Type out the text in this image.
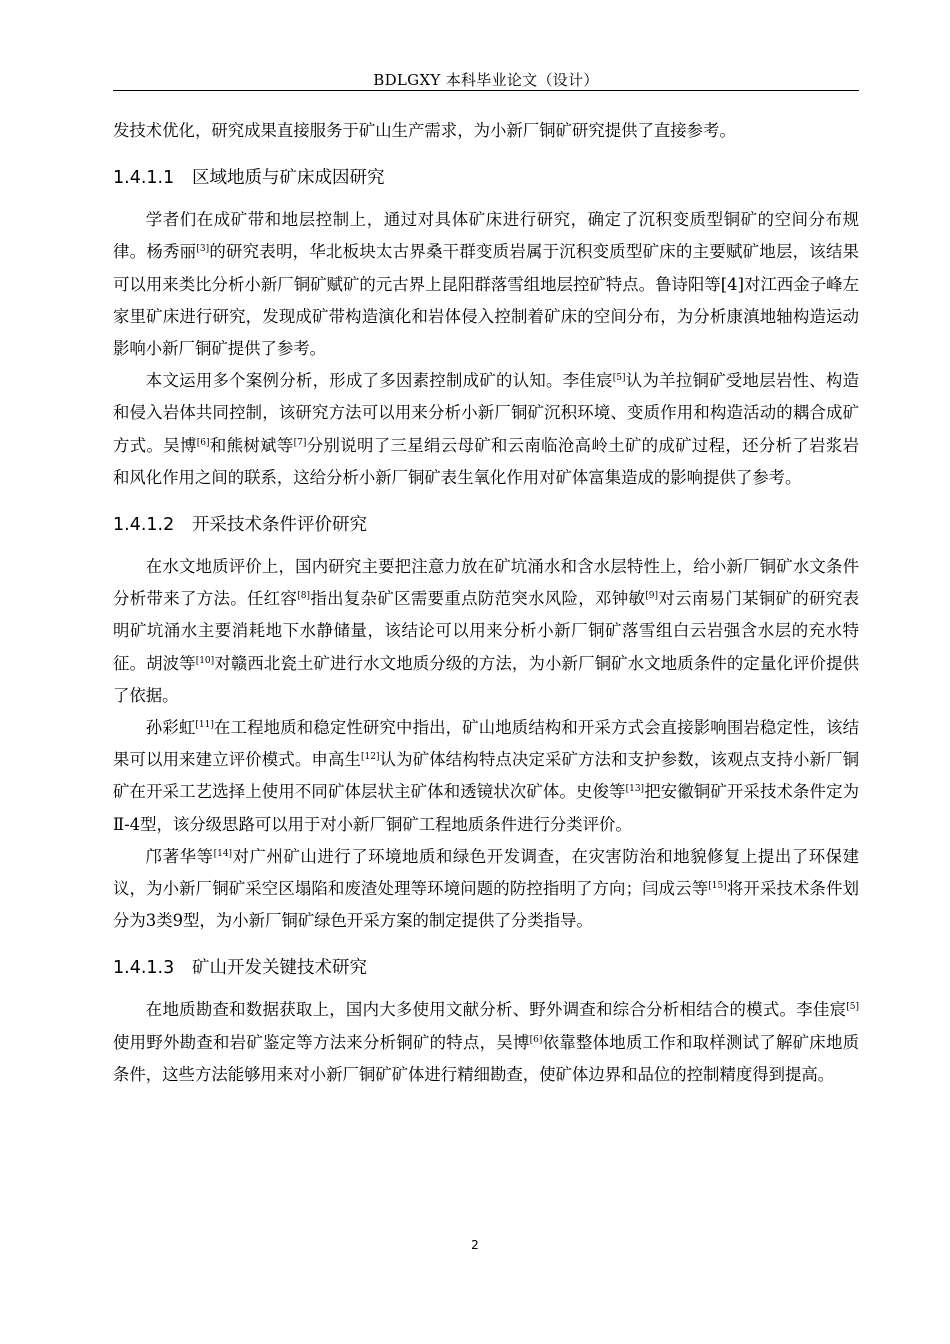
BDLGXY 本科毕业论文（设计）

发技术优化，研究成果直接服务于矿山生产需求，为小新厂铜矿研究提供了直接参考。

1.4.1.1 区域地质与矿床成因研究

学者们在成矿带和地层控制上，通过对具体矿床进行研究，确定了沉积变质型铜矿的空间分布规律。杨秀丽[3]的研究表明，华北板块太古界桑干群变质岩属于沉积变质型矿床的主要赋矿地层，该结果可以用来类比分析小新厂铜矿赋矿的元古界上昆阳群落雪组地层控矿特点。鲁诗阳等[4]对江西金子峰左家里矿床进行研究，发现成矿带构造演化和岩体侵入控制着矿床的空间分布，为分析康滇地轴构造运动影响小新厂铜矿提供了参考。

本文运用多个案例分析，形成了多因素控制成矿的认知。李佳宸[5]认为羊拉铜矿受地层岩性、构造和侵入岩体共同控制，该研究方法可以用来分析小新厂铜矿沉积环境、变质作用和构造活动的耦合成矿方式。吴博[6]和熊树斌等[7]分别说明了三星绢云母矿和云南临沧高岭土矿的成矿过程，还分析了岩浆岩和风化作用之间的联系，这给分析小新厂铜矿表生氧化作用对矿体富集造成的影响提供了参考。

1.4.1.2 开采技术条件评价研究

在水文地质评价上，国内研究主要把注意力放在矿坑涌水和含水层特性上，给小新厂铜矿水文条件分析带来了方法。任红容[8]指出复杂矿区需要重点防范突水风险，邓钟敏[9]对云南易门某铜矿的研究表明矿坑涌水主要消耗地下水静储量，该结论可以用来分析小新厂铜矿落雪组白云岩强含水层的充水特征。胡波等[10]对赣西北瓷土矿进行水文地质分级的方法，为小新厂铜矿水文地质条件的定量化评价提供了依据。

孙彩虹[11]在工程地质和稳定性研究中指出，矿山地质结构和开采方式会直接影响围岩稳定性，该结果可以用来建立评价模式。申高生[12]认为矿体结构特点决定采矿方法和支护参数，该观点支持小新厂铜矿在开采工艺选择上使用不同矿体层状主矿体和透镜状次矿体。史俊等[13]把安徽铜矿开采技术条件定为Ⅱ-4型，该分级思路可以用于对小新厂铜矿工程地质条件进行分类评价。

邝著华等[14]对广州矿山进行了环境地质和绿色开发调查，在灾害防治和地貌修复上提出了环保建议，为小新厂铜矿采空区塌陷和废渣处理等环境问题的防控指明了方向；闫成云等[15]将开采技术条件划分为3类9型，为小新厂铜矿绿色开采方案的制定提供了分类指导。

1.4.1.3 矿山开发关键技术研究

在地质勘查和数据获取上，国内大多使用文献分析、野外调查和综合分析相结合的模式。李佳宸[5]使用野外勘查和岩矿鉴定等方法来分析铜矿的特点，吴博[6]依靠整体地质工作和取样测试了解矿床地质条件，这些方法能够用来对小新厂铜矿矿体进行精细勘查，使矿体边界和品位的控制精度得到提高。

2
